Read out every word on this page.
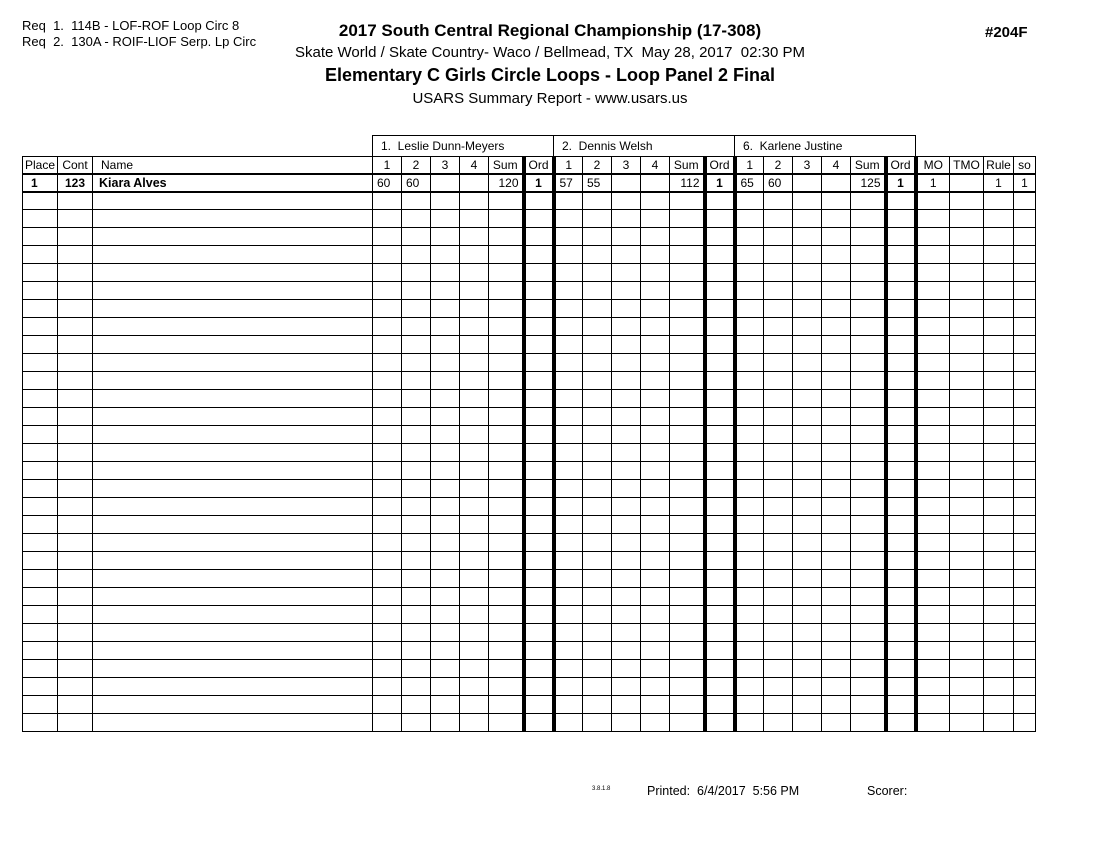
Req  1.  114B - LOF-ROF Loop Circ 8
Req  2.  130A - ROIF-LIOF Serp. Lp Circ
2017 South Central Regional Championship (17-308)
Skate World / Skate Country- Waco / Bellmead, TX  May 28, 2017  02:30 PM
Elementary C Girls Circle Loops - Loop Panel 2 Final
USARS Summary Report - www.usars.us
#204F
			1.  Leslie Dunn-Meyers						2.  Dennis Welsh						6.  Karlene Justine									
Place	Cont	Name	1	2	3	4	Sum	Ord	1	2	3	4	Sum	Ord	1	2	3	4	Sum	Ord	MO	TMO	Rule	so
1	123	Kiara Alves	60	60			120	1	57	55			112	1	65	60			125	1	1		1	1

3.8.1.8	Printed:  6/4/2017  5:56 PM	Scorer:
